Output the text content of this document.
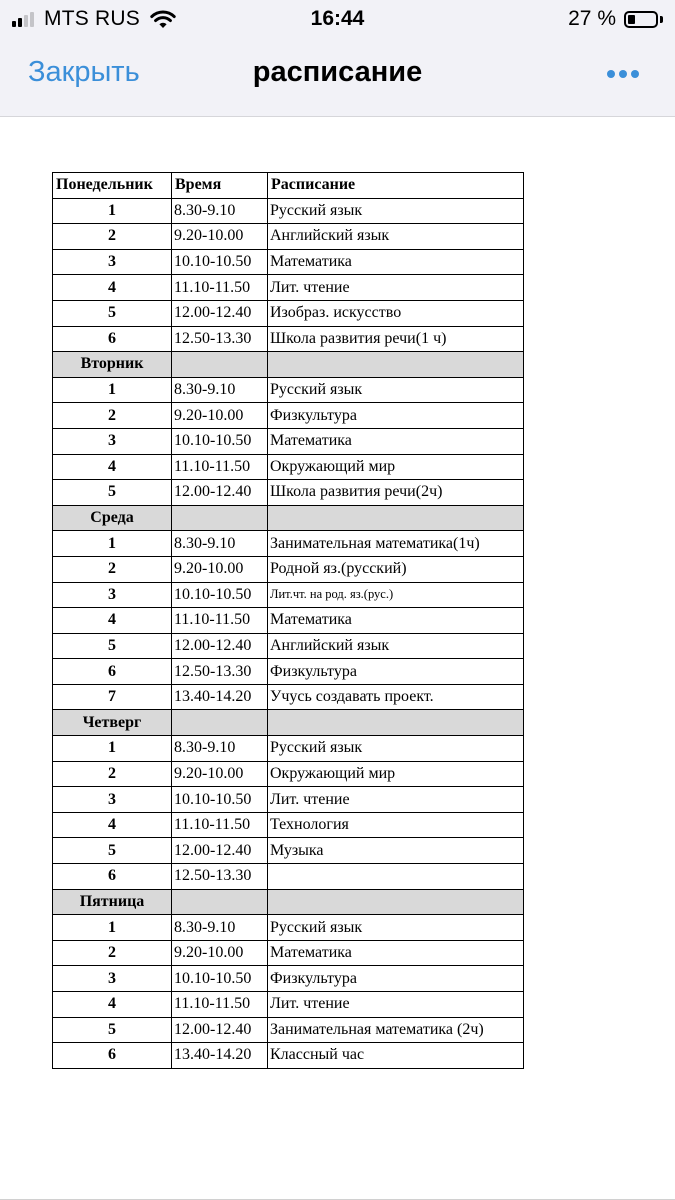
MTS RUS	16:44	27 %
Закрыть	расписание
Понедельник	Время	Расписание
1	8.30-9.10	Русский язык
2	9.20-10.00	Английский язык
3	10.10-10.50	Математика
4	11.10-11.50	Лит. чтение
5	12.00-12.40	Изобраз. искусство
6	12.50-13.30	Школа развития речи(1 ч)
Вторник		
1	8.30-9.10	Русский язык
2	9.20-10.00	Физкультура
3	10.10-10.50	Математика
4	11.10-11.50	Окружающий мир
5	12.00-12.40	Школа развития речи(2ч)
Среда		
1	8.30-9.10	Занимательная математика(1ч)
2	9.20-10.00	Родной яз.(русский)
3	10.10-10.50	Лит.чт. на род. яз.(рус.)
4	11.10-11.50	Математика
5	12.00-12.40	Английский язык
6	12.50-13.30	Физкультура
7	13.40-14.20	Учусь создавать проект.
Четверг		
1	8.30-9.10	Русский язык
2	9.20-10.00	Окружающий мир
3	10.10-10.50	Лит. чтение
4	11.10-11.50	Технология
5	12.00-12.40	Музыка
6	12.50-13.30	
Пятница		
1	8.30-9.10	Русский язык
2	9.20-10.00	Математика
3	10.10-10.50	Физкультура
4	11.10-11.50	Лит. чтение
5	12.00-12.40	Занимательная математика (2ч)
6	13.40-14.20	Классный час
